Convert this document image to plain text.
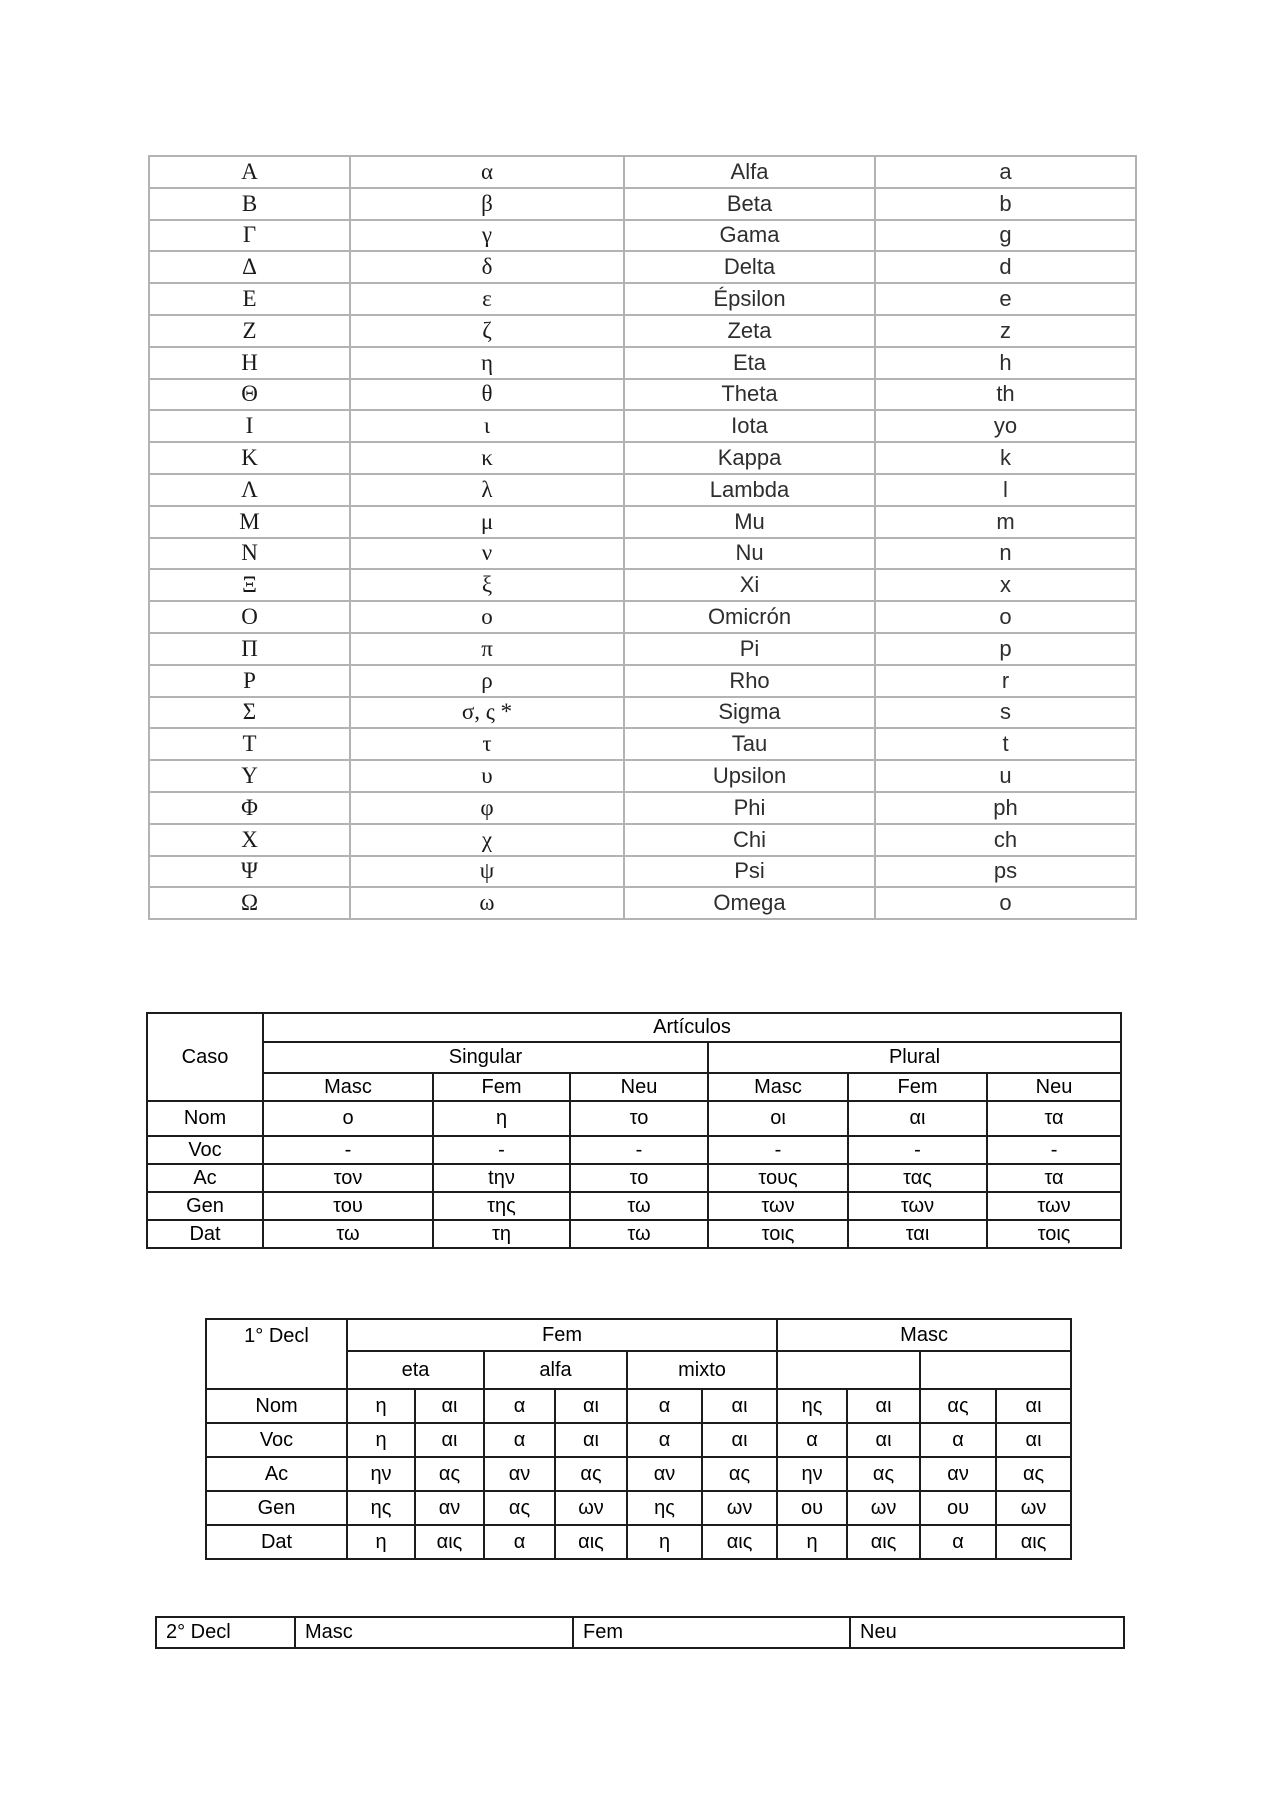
Α	α	Alfa	a
Β	β	Beta	b
Γ	γ	Gama	g
Δ	δ	Delta	d
Ε	ε	Épsilon	e
Ζ	ζ	Zeta	z
Η	η	Eta	h
Θ	θ	Theta	th
Ι	ι	Iota	yo
Κ	κ	Kappa	k
Λ	λ	Lambda	l
Μ	μ	Mu	m
Ν	ν	Nu	n
Ξ	ξ	Xi	x
Ο	ο	Omicrón	o
Π	π	Pi	p
Ρ	ρ	Rho	r
Σ	σ, ς *	Sigma	s
Τ	τ	Tau	t
Υ	υ	Upsilon	u
Φ	φ	Phi	ph
Χ	χ	Chi	ch
Ψ	ψ	Psi	ps
Ω	ω	Omega	o
Caso	Artículos					
	Singular			Plural		
	Masc	Fem	Neu	Masc	Fem	Neu
Nom	ο	η	το	οι	αι	τα
Voc	-	-	-	-	-	-
Ac	τον	tην	το	τους	τας	τα
Gen	του	της	τω	των	των	των
Dat	τω	τη	τω	τοις	ται	τοις
1° Decl	Fem						Masc			
	eta		alfa		mixto					
Nom	η	αι	α	αι	α	αι	ης	αι	ας	αι
Voc	η	αι	α	αι	α	αι	α	αι	α	αι
Ac	ην	ας	αν	ας	αν	ας	ην	ας	αν	ας
Gen	ης	αν	ας	ων	ης	ων	ου	ων	ου	ων
Dat	η	αις	α	αις	η	αις	η	αις	α	αις
2° Decl	Masc	Fem	Neu
